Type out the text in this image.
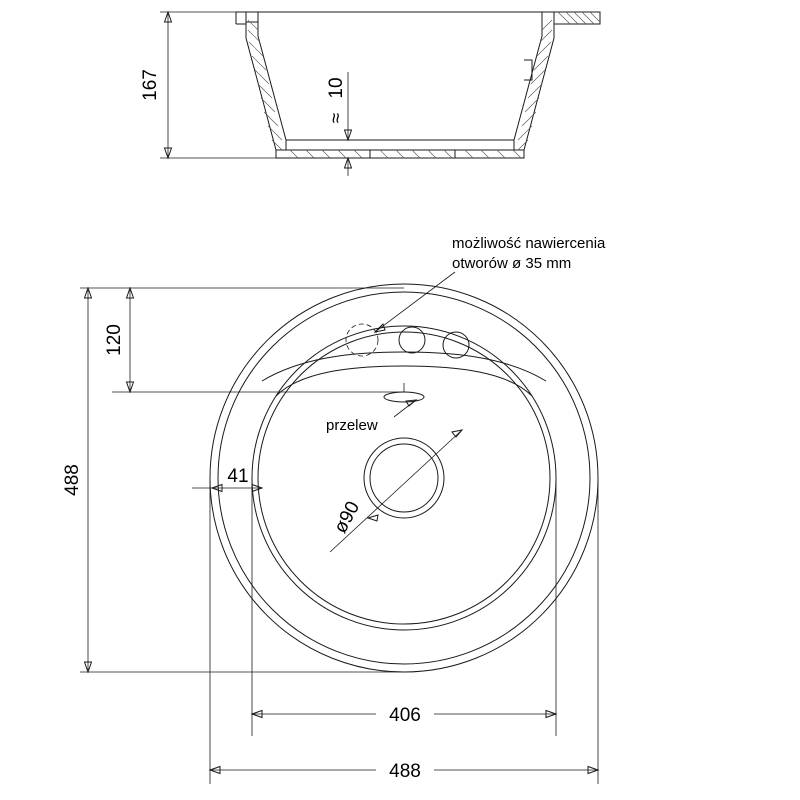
167	10
≈
120
488	41
ø90
406
488
możliwość nawiercenia
otworów ø 35 mm
przelew
